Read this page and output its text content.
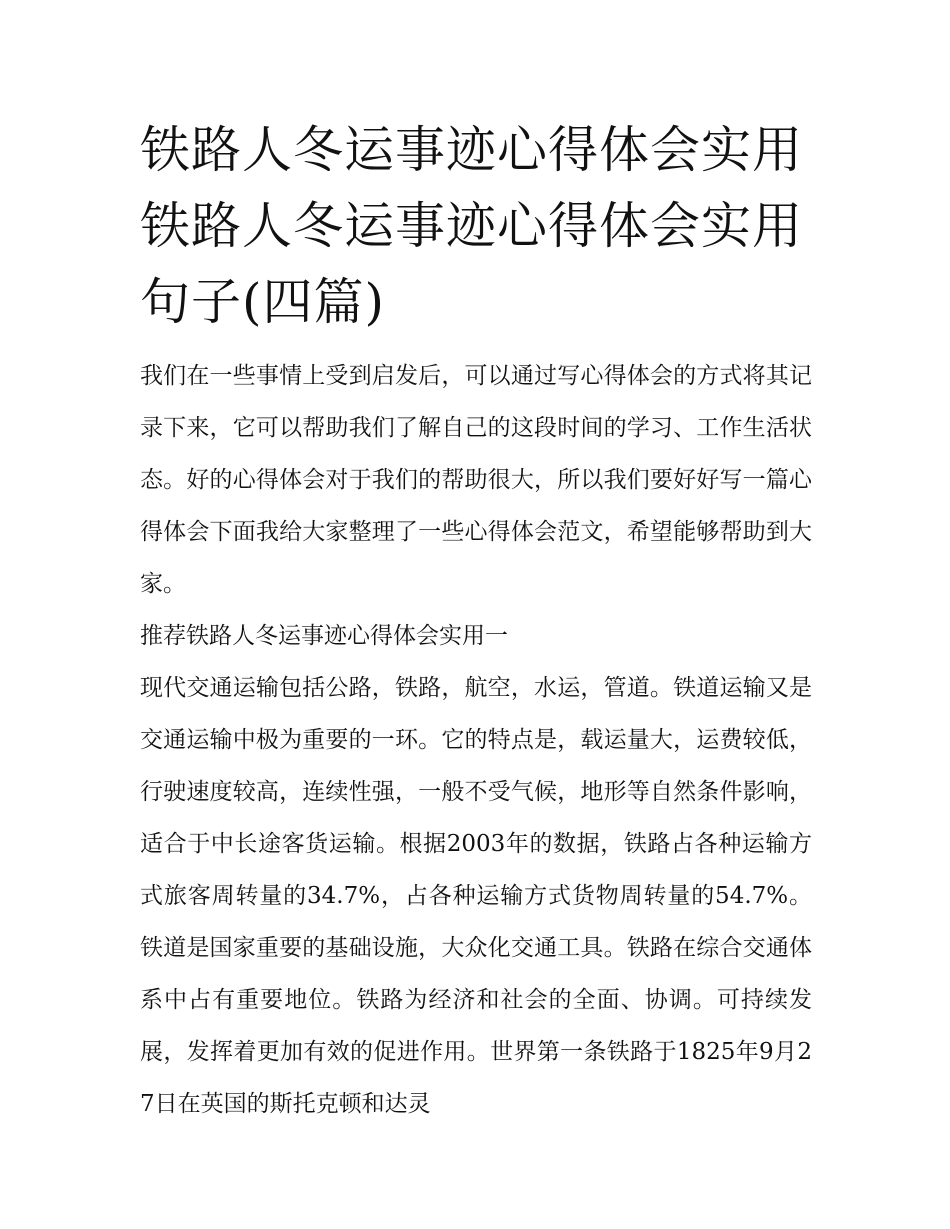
铁路人冬运事迹心得体会实用铁路人冬运事迹心得体会实用句子(四篇)

我们在一些事情上受到启发后，可以通过写心得体会的方式将其记录下来，它可以帮助我们了解自己的这段时间的学习、工作生活状态。好的心得体会对于我们的帮助很大，所以我们要好好写一篇心得体会下面我给大家整理了一些心得体会范文，希望能够帮助到大家。

推荐铁路人冬运事迹心得体会实用一

现代交通运输包括公路，铁路，航空，水运，管道。铁道运输又是交通运输中极为重要的一环。它的特点是，载运量大，运费较低，行驶速度较高，连续性强，一般不受气候，地形等自然条件影响，适合于中长途客货运输。根据2003年的数据，铁路占各种运输方式旅客周转量的34.7%，占各种运输方式货物周转量的54.7%。铁道是国家重要的基础设施，大众化交通工具。铁路在综合交通体系中占有重要地位。铁路为经济和社会的全面、协调。可持续发展，发挥着更加有效的促进作用。世界第一条铁路于1825年9月27日在英国的斯托克顿和达灵
